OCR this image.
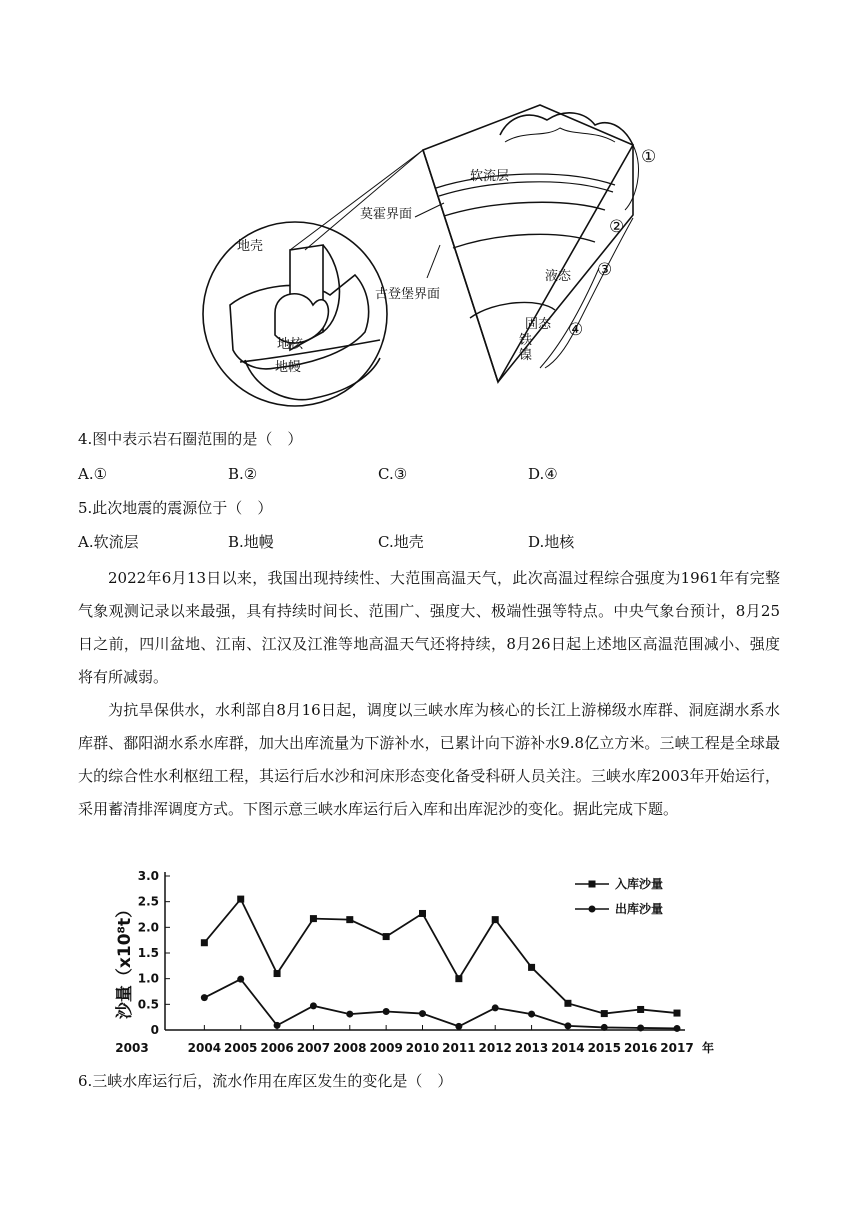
软流层
莫霍界面
古登堡界面
地壳
地核
地幔
液态
固态
铁
镍
①
②
③
④
4.图中表示岩石圈范围的是（　）
A.①	B.②	C.③	D.④
5.此次地震的震源位于（　）
A.软流层	B.地幔	C.地壳	D.地核
2022年6月13日以来，我国出现持续性、大范围高温天气，此次高温过程综合强度为1961年有完整气象观测记录以来最强，具有持续时间长、范围广、强度大、极端性强等特点。中央气象台预计，8月25日之前，四川盆地、江南、江汉及江淮等地高温天气还将持续，8月26日起上述地区高温范围减小、强度将有所减弱。
为抗旱保供水，水利部自8月16日起，调度以三峡水库为核心的长江上游梯级水库群、洞庭湖水系水库群、鄱阳湖水系水库群，加大出库流量为下游补水，已累计向下游补水9.8亿立方米。三峡工程是全球最大的综合性水利枢纽工程，其运行后水沙和河床形态变化备受科研人员关注。三峡水库2003年开始运行，采用蓄清排浑调度方式。下图示意三峡水库运行后入库和出库泥沙的变化。据此完成下题。
0
0.5
1.0
1.5
2.0
2.5
3.0
2003	2004 2005 2006 2007 2008 2009 2010 2011 2012 2013 2014 2015 2016 2017 年
入库沙量
出库沙量
沙量（x10⁸t）
6.三峡水库运行后，流水作用在库区发生的变化是（　）
